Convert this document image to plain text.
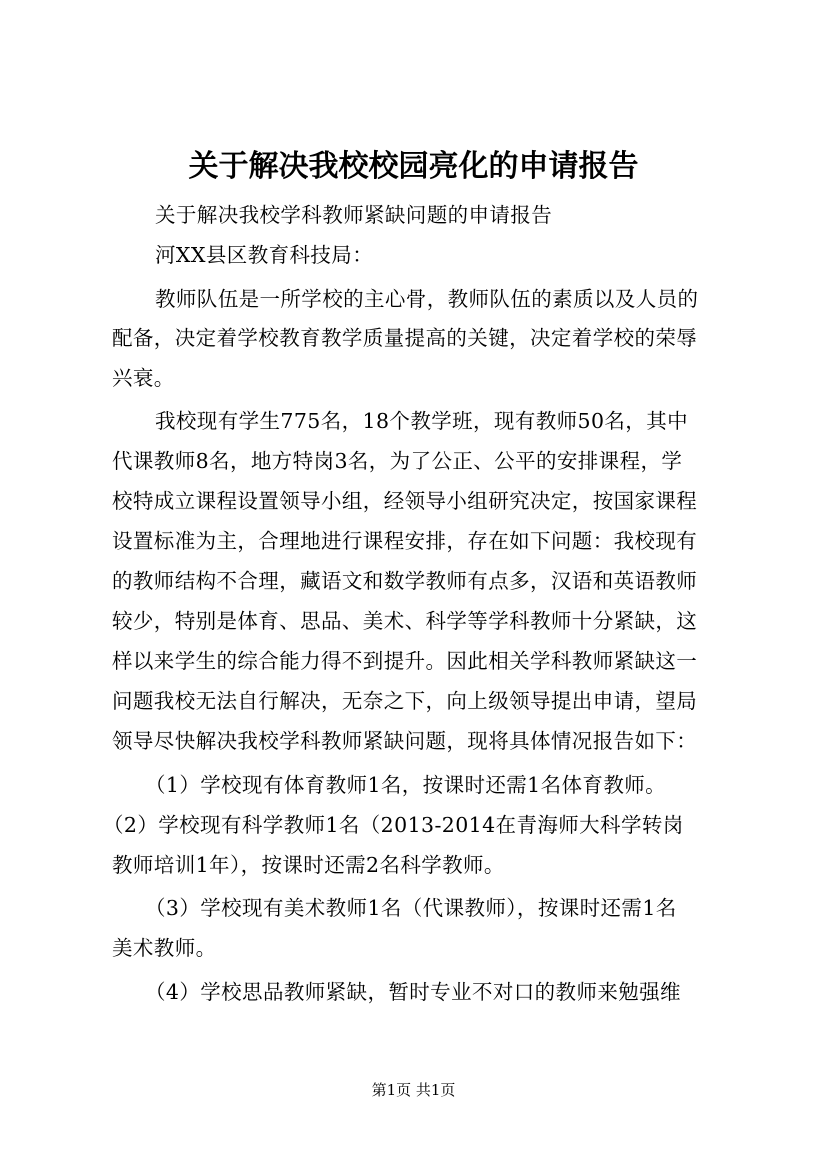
关于解决我校校园亮化的申请报告
关于解决我校学科教师紧缺问题的申请报告
河XX县区教育科技局：
教师队伍是一所学校的主心骨，教师队伍的素质以及人员的
配备，决定着学校教育教学质量提高的关键，决定着学校的荣辱
兴衰。
我校现有学生775名，18个教学班，现有教师50名，其中
代课教师8名，地方特岗3名，为了公正、公平的安排课程，学
校特成立课程设置领导小组，经领导小组研究决定，按国家课程
设置标准为主，合理地进行课程安排，存在如下问题：我校现有
的教师结构不合理，藏语文和数学教师有点多，汉语和英语教师
较少，特别是体育、思品、美术、科学等学科教师十分紧缺，这
样以来学生的综合能力得不到提升。因此相关学科教师紧缺这一
问题我校无法自行解决，无奈之下，向上级领导提出申请，望局
领导尽快解决我校学科教师紧缺问题，现将具体情况报告如下：
（1）学校现有体育教师1名，按课时还需1名体育教师。
（2）学校现有科学教师1名（2013-2014在青海师大科学转岗
教师培训1年），按课时还需2名科学教师。
（3）学校现有美术教师1名（代课教师），按课时还需1名
美术教师。
（4）学校思品教师紧缺，暂时专业不对口的教师来勉强维
第1页 共1页
